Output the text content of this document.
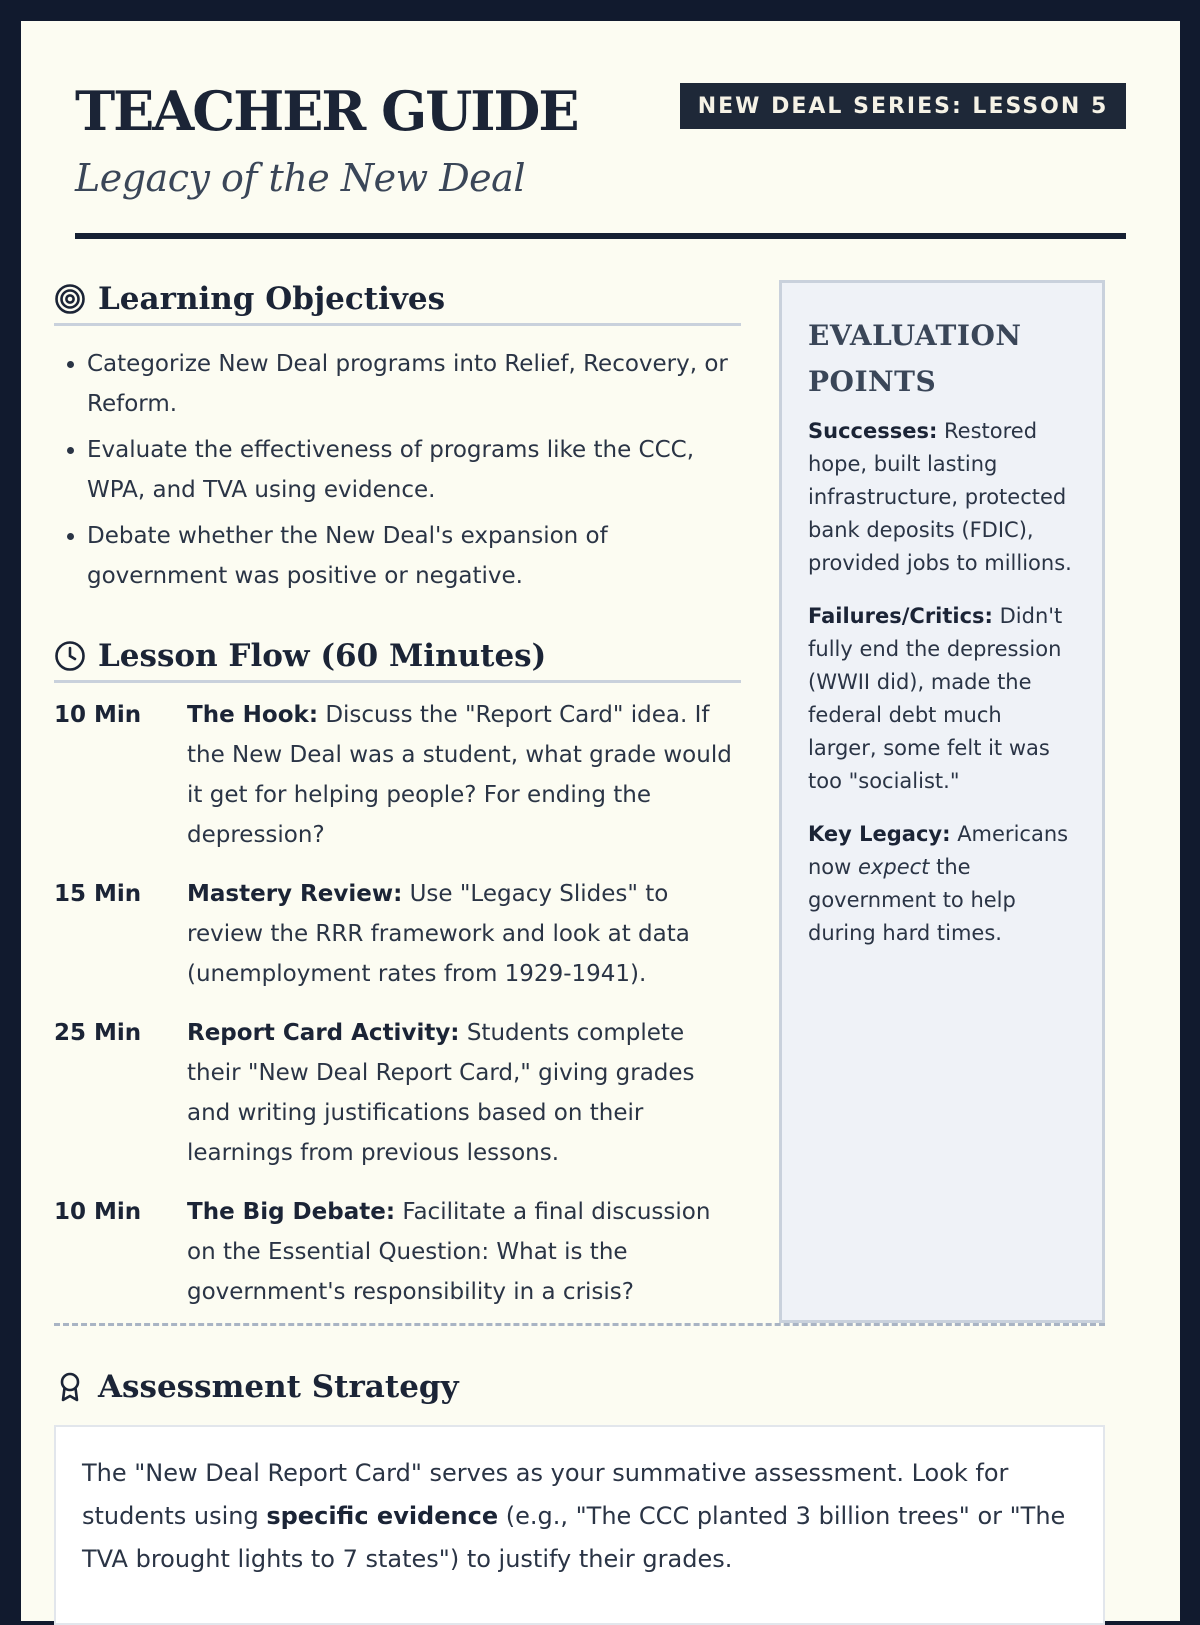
TEACHER GUIDE
Legacy of the New Deal
NEW DEAL SERIES: LESSON 5
Learning Objectives
• Categorize New Deal programs into Relief, Recovery, or Reform.
• Evaluate the effectiveness of programs like the CCC, WPA, and TVA using evidence.
• Debate whether the New Deal's expansion of government was positive or negative.
Lesson Flow (60 Minutes)
10 Min	The Hook: Discuss the "Report Card" idea. If the New Deal was a student, what grade would it get for helping people? For ending the depression?
15 Min	Mastery Review: Use "Legacy Slides" to review the RRR framework and look at data (unemployment rates from 1929-1941).
25 Min	Report Card Activity: Students complete their "New Deal Report Card," giving grades and writing justifications based on their learnings from previous lessons.
10 Min	The Big Debate: Facilitate a final discussion on the Essential Question: What is the government's responsibility in a crisis?
EVALUATION POINTS

Successes: Restored hope, built lasting infrastructure, protected bank deposits (FDIC), provided jobs to millions.

Failures/Critics: Didn't fully end the depression (WWII did), made the federal debt much larger, some felt it was too "socialist."

Key Legacy: Americans now expect the government to help during hard times.

Assessment Strategy
The "New Deal Report Card" serves as your summative assessment. Look for students using specific evidence (e.g., "The CCC planted 3 billion trees" or "The TVA brought lights to 7 states") to justify their grades.
